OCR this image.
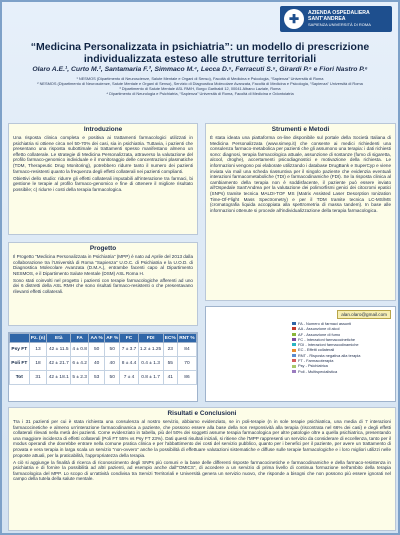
✚	AZIENDA OSPEDALIERA
SANT'ANDREA
SAPIENZA UNIVERSITÀ DI ROMA
“Medicina Personalizzata in psichiatria”: un modello di prescrizione individualizzata esteso alle strutture territoriali
Olaro A.E.¹, Curto M.², Santamaria F.³, Simmaco M.⁴, Lecca D.⁵, Ferracuti S.⁵, Girardi P.⁶ e Fiori Nastro P.⁶
¹ NESMOS (Dipartimento di Neuroscienze, Salute Mentale e Organi di Senso), Facoltà di Medicina e Psicologia, “Sapienza” Università di Roma
² NESMOS (Dipartimento di Neuroscienze, Salute Mentale e Organi di Senso), Servizio di Diagnostica Molecolare Avanzata, Facoltà di Medicina e Psicologia, “Sapienza” Università di Roma
³ Dipartimento di Salute Mentale ASL RM/H, Borgo Garibaldi 12, 00041 Albano Laziale, Roma
⁴ Dipartimento di Neurologia e Psichiatria, “Sapienza” Università di Roma, Facoltà di Medicina e Odontoiatria
Introduzione

Una risposta clinica completa e positiva ai trattamenti farmacologici utilizzati in psichiatria si ottiene circa nel 50-70% dei casi, sia in psichiatria. Tuttavia, i pazienti che presentano una risposta subottimale ai trattamenti spesso manifestano almeno un effetto collaterale. Le strategie di Medicina Personalizzata, attraverso la valutazione del profilo farmaco-genomico individuale e il monitoraggio delle concentrazioni plasmatiche (TDM, Therapeutic Drug Monitoring), potrebbero ridurre tanto il numero dei pazienti farmaco-resistenti quanto la frequenza degli effetti collaterali nei pazienti complianti.

Obiettivi dello studio: ridurre gli effetti collaterali imputabili all'interazione tra farmaci, bi gestione le terapie al profilo farmaco-genomico e fine di ottenere il migliore risultato possibile; c) ridurre i costi della terapia farmacologica.

Progetto

Il Progetto “Medicina Personalizzata in Psichiatria” (MPP) è nato ad Aprile del 2013 dalla collaborazione tra l'Università di Roma “Sapienza” U.O.C. di Psichiatria e la U.O.D. di Diagnostica Molecolare Avanzata (D.M.A.), entrambe facenti capo al Dipartimento NESMOS, e il Dipartimento Salute Mentale (DSM) ASL Roma H.

Sono stati coinvolti nel progetto i pazienti con terapie farmacologiche afferenti ad uno dei 6 distretti della ASL RMH che sono risultati farmaco-resistenti o che presentavano rilevanti effetti collaterali.

Strumenti e Metodi

È stata ideata una piattaforma on-line disponibile sul portale della Società Italiana di Medicina Personalizzata (www.simep.it) che consente ai medici richiedenti una consulenza farmaco-metabolica per pazienti che gli assumono una terapia: i dati richiesti sono: diagnosi, terapia farmacologica attuale, assunzione di sostanze (fumo di sigaretta, alcool, droghe), accertamenti psicodiagnostici e motivazione della richiesta. Le informazioni vengono poi elaborate utilizzando i database DrugBank e SuperCyp e viene inviata via mail una scheda riassuntiva per il singolo paziente che evidenzia eventuali interazioni farmacometaboliche (TDI) e farmacodinamiche (FDI). Se la risposta clinica al cambiamento della terapia non è soddisfacente, il paziente può essere inviato all'Ospedale Sant'Andrea per la valutazione dei polimorfismi genici dei citocromi epatici (SNPs) tramite tecnica MALDI-TOF MS (Matrix Assisted Laser Desorption Ionization Time-Of-Flight Mass Spectrometry) e per il TDM tramite tecnica LC-MS/MS (cromatografia liquida accoppiata alla spettrometria di massa tandem). In base alle informazioni ottenute si procede all'individualizzazione della terapia farmacologica.

	Pz. (n)	Età	FA	AA %	AF %	FC	FDI	EC%	RNT %
Psy FT	13	42 ± 11.5	4 ± 0.8	50	50	7 ± 3.7	1.2 ± 1.25	23	84
Poli FT	18	42 ± 21.7	6 ± 4.2	40	40	8 ± 4.4	0.4 ± 1.3	55	70
Tot	31	42 ± 18.1	5 ± 2.3	53	50	7 ± 4	0.8 ± 1.7	41	86
alan.olaro@gmail.com
FA - Numero di farmaci assunti
AA - Assunzione di alcol
AF - Assunzione di fumo
FC - Interazioni farmacocinetiche
FDI - Interazioni farmacodinamiche
EC - Effetti collaterali
RNT - Risposta negativa alla terapia
FT - Farmacoterapia
Psy - Psichiatrica
Poli - Multispecialistica
Risultati e Conclusioni

Tra i 31 pazienti per cui è stata richiesta una consulenza al nostro servizio, abbiamo evidenziato, se in poli-terapie (n in sole terapie psichiatrica, una media di 7 interazioni farmacocinetiche e almeno un'interazione farmacodinamica a paziente, che possono essere alla base della non responsività alla terapia (riscontrata nel 66% dei casi) e degli effetti collaterali rilevati nella metà dei pazienti. Come evidenziato in tabella, più del 50% dei soggetti assume terapia farmacologica per altre patologie oltre a quella psichiatrica, presentando una maggiore incidenza di effetti collaterali (Poli FT 55% vs Psy FT 23%). Dati questi risultati iniziali, si ritiene che l'MPP rappresenti un servizio da considerare di eccellenza, tanto per il modus operandi che dovrebbe entrare nella comune pratica clinica e per l'abbattimento dei costi del servizio pubblico, quanto per i benefici per il paziente, per avere un trattamento di provata e vera terapia in larga scala un servizio “non-ovvero” anche la possibilità di effettuare valutazioni sistematiche e diffuse sulle terapie farmacologiche e i loro migliori utilizzi nelle proposte attuali, per la praticabilità, l'appropriatezza della terapia.

A ciò si aggiunge la finalità di ricerca di riconoscimento degli SNPs più comuni e la base delle differenti risposte farmacocinetiche e farmacodinamiche e della farmaco-resistenza in psichiatria e di fornire la possibilità ad altri pazienti, ad esempio anche dall'“OMICS”, di accedere a un servizio di prima livello di continua formazione nell'ambito della terapia farmacologica del MPP. Lo scopo di un'attività condivisa tra Servizi Territoriali e Università genera un servizio nuovo, che risponde a bisogni che non possono più essere ignorati nel campo della tutela della salute mentale.
